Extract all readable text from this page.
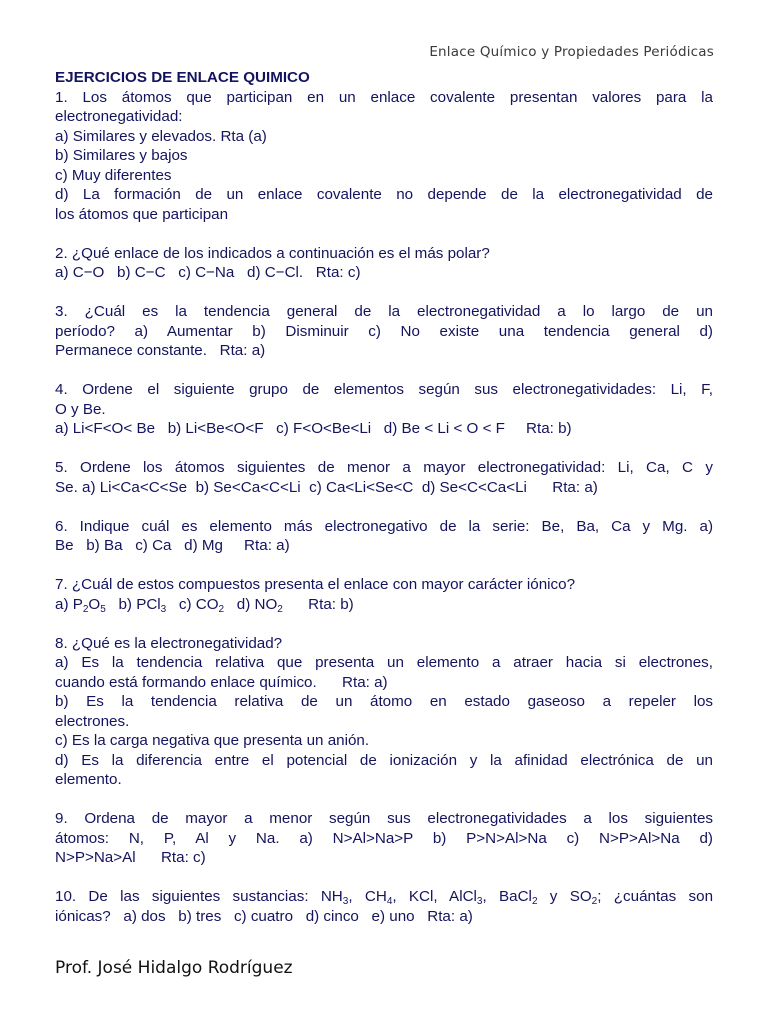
Enlace Químico y Propiedades Periódicas
EJERCICIOS DE ENLACE QUIMICO
1. Los átomos que participan en un enlace covalente presentan valores para la
electronegatividad:
a) Similares y elevados. Rta (a)
b) Similares y bajos
c) Muy diferentes
d) La formación de un enlace covalente no depende de la electronegatividad de
los átomos que participan
2. ¿Qué enlace de los indicados a continuación es el más polar?
a) C−O   b) C−C   c) C−Na   d) C−Cl.   Rta: c)
3. ¿Cuál es la tendencia general de la electronegatividad a lo largo de un
período? a) Aumentar b) Disminuir c) No existe una tendencia general d)
Permanece constante.   Rta: a)
4. Ordene el siguiente grupo de elementos según sus electronegatividades: Li, F,
O y Be.
a) Li<F<O< Be   b) Li<Be<O<F   c) F<O<Be<Li   d) Be < Li < O < F     Rta: b)
5. Ordene los átomos siguientes de menor a mayor electronegatividad: Li, Ca, C y
Se. a) Li<Ca<C<Se  b) Se<Ca<C<Li  c) Ca<Li<Se<C  d) Se<C<Ca<Li      Rta: a)
6. Indique cuál es elemento más electronegativo de la serie: Be, Ba, Ca y Mg. a)
Be   b) Ba   c) Ca   d) Mg     Rta: a)
7. ¿Cuál de estos compuestos presenta el enlace con mayor carácter iónico?
a) $P_2O_5$   b) PCl$_3$   c) $CO_2$   d) $NO_2$      Rta: b)
8. ¿Qué es la electronegatividad?
a) Es la tendencia relativa que presenta un elemento a atraer hacia si electrones,
cuando está formando enlace químico.      Rta: a)
b) Es la tendencia relativa de un átomo en estado gaseoso a repeler los
electrones.
c) Es la carga negativa que presenta un anión.
d) Es la diferencia entre el potencial de ionización y la afinidad electrónica de un
elemento.
9. Ordena de mayor a menor según sus electronegatividades a los siguientes
átomos: N, P, Al y Na. a) N>Al>Na>P b) P>N>Al>Na c) N>P>Al>Na d)
N>P>Na>Al      Rta: c)
10. De las siguientes sustancias: $NH_3$, $CH_4$, KCl, AlCl$_3$, BaCl$_2$ y $SO_2$; ¿cuántas son
iónicas?   a) dos   b) tres   c) cuatro   d) cinco   e) uno   Rta: a)
Prof. José Hidalgo Rodríguez
